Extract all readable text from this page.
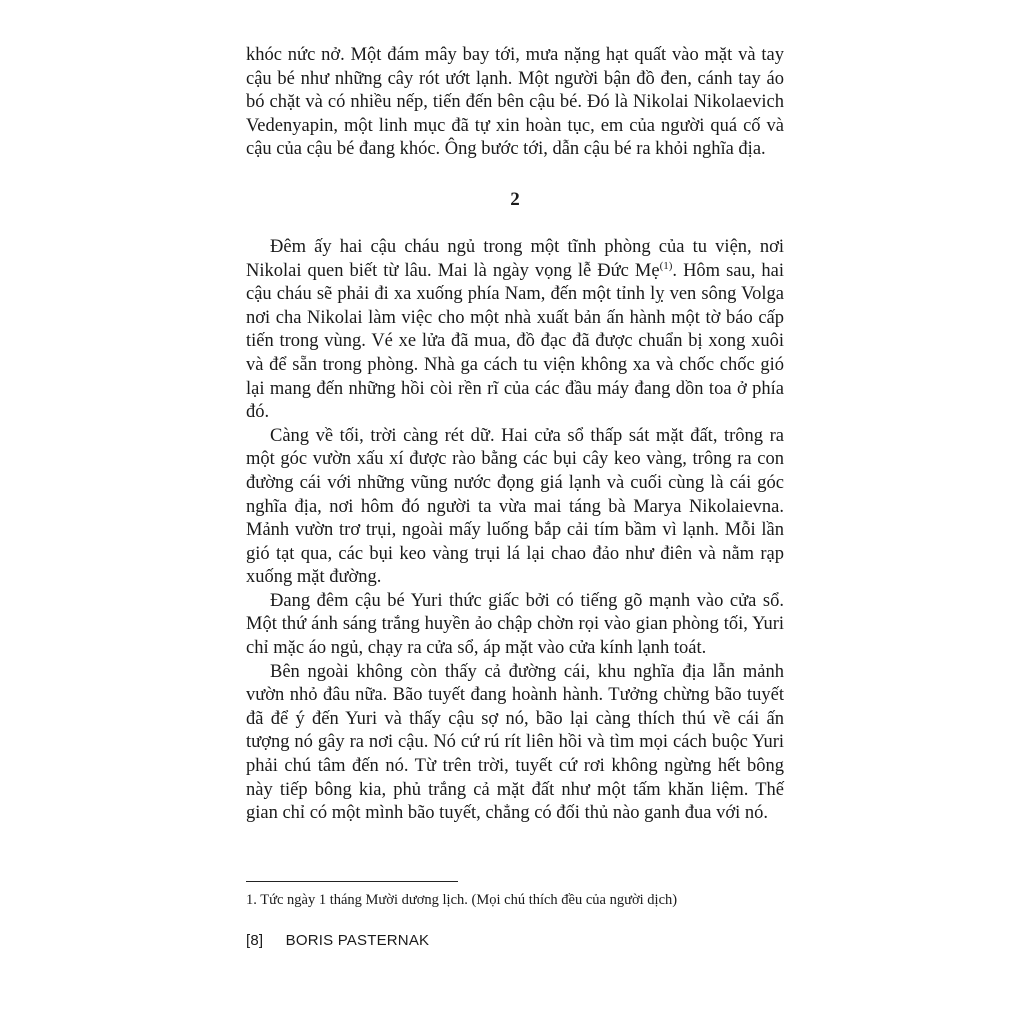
khóc nức nở. Một đám mây bay tới, mưa nặng hạt quất vào mặt và tay cậu bé như những cây rót ướt lạnh. Một người bận đồ đen, cánh tay áo bó chặt và có nhiều nếp, tiến đến bên cậu bé. Đó là Nikolai Nikolaevich Vedenyapin, một linh mục đã tự xin hoàn tục, em của người quá cố và cậu của cậu bé đang khóc. Ông bước tới, dẫn cậu bé ra khỏi nghĩa địa.

2

Đêm ấy hai cậu cháu ngủ trong một tĩnh phòng của tu viện, nơi Nikolai quen biết từ lâu. Mai là ngày vọng lễ Đức Mẹ$^{(1)}$. Hôm sau, hai cậu cháu sẽ phải đi xa xuống phía Nam, đến một tỉnh lỵ ven sông Volga nơi cha Nikolai làm việc cho một nhà xuất bản ấn hành một tờ báo cấp tiến trong vùng. Vé xe lửa đã mua, đồ đạc đã được chuẩn bị xong xuôi và để sẵn trong phòng. Nhà ga cách tu viện không xa và chốc chốc gió lại mang đến những hồi còi rền rĩ của các đầu máy đang dồn toa ở phía đó.

Càng về tối, trời càng rét dữ. Hai cửa sổ thấp sát mặt đất, trông ra một góc vườn xấu xí được rào bằng các bụi cây keo vàng, trông ra con đường cái với những vũng nước đọng giá lạnh và cuối cùng là cái góc nghĩa địa, nơi hôm đó người ta vừa mai táng bà Marya Nikolaievna. Mảnh vườn trơ trụi, ngoài mấy luống bắp cải tím bầm vì lạnh. Mỗi lần gió tạt qua, các bụi keo vàng trụi lá lại chao đảo như điên và nằm rạp xuống mặt đường.

Đang đêm cậu bé Yuri thức giấc bởi có tiếng gõ mạnh vào cửa sổ. Một thứ ánh sáng trắng huyền ảo chập chờn rọi vào gian phòng tối, Yuri chỉ mặc áo ngủ, chạy ra cửa sổ, áp mặt vào cửa kính lạnh toát.

Bên ngoài không còn thấy cả đường cái, khu nghĩa địa lẫn mảnh vườn nhỏ đâu nữa. Bão tuyết đang hoành hành. Tưởng chừng bão tuyết đã để ý đến Yuri và thấy cậu sợ nó, bão lại càng thích thú về cái ấn tượng nó gây ra nơi cậu. Nó cứ rú rít liên hồi và tìm mọi cách buộc Yuri phải chú tâm đến nó. Từ trên trời, tuyết cứ rơi không ngừng hết bông này tiếp bông kia, phủ trắng cả mặt đất như một tấm khăn liệm. Thế gian chỉ có một mình bão tuyết, chẳng có đối thủ nào ganh đua với nó.

1. Tức ngày 1 tháng Mười dương lịch. (Mọi chú thích đều của người dịch)
[8] BORIS PASTERNAK
